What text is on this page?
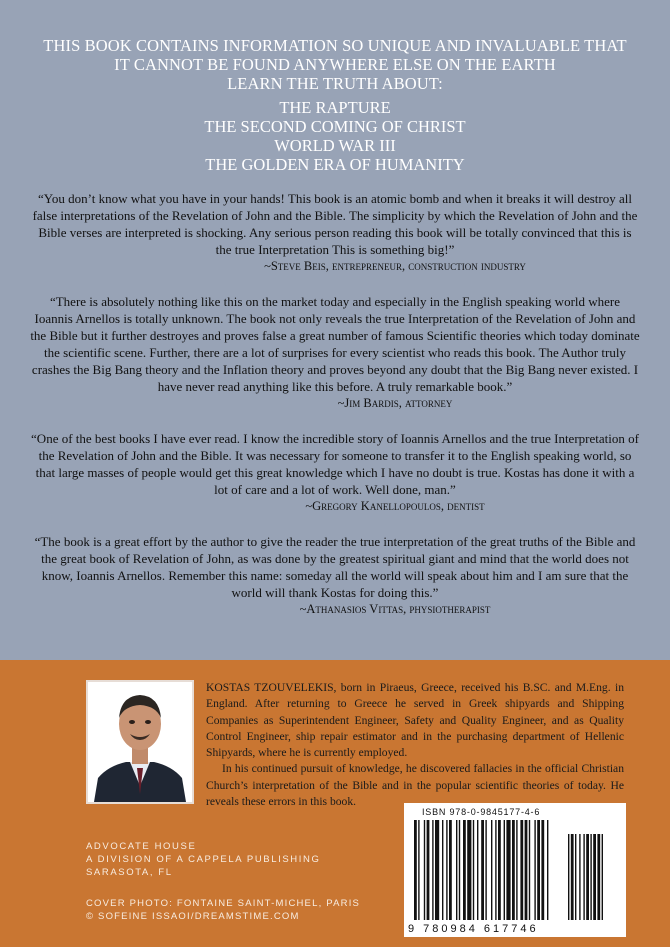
THIS BOOK CONTAINS INFORMATION SO UNIQUE AND INVALUABLE THAT
IT CANNOT BE FOUND ANYWHERE ELSE ON THE EARTH
LEARN THE TRUTH ABOUT:
THE RAPTURE
THE SECOND COMING OF CHRIST
WORLD WAR III
THE GOLDEN ERA OF HUMANITY

“You don’t know what you have in your hands! This book is an atomic bomb and when it breaks it will destroy all false interpretations of the Revelation of John and the Bible. The simplicity by which the Revelation of John and the Bible verses are interpreted is shocking. Any serious person reading this book will be totally convinced that this is the true Interpretation This is something big!”

~Steve Beis, entrepreneur, construction industry

“There is absolutely nothing like this on the market today and especially in the English speaking world where Ioannis Arnellos is totally unknown. The book not only reveals the true Interpretation of the Revelation of John and the Bible but it further destroyes and proves false a great number of famous Scientific theories which today dominate the scientific scene. Further, there are a lot of surprises for every scientist who reads this book. The Author truly crashes the Big Bang theory and the Inflation theory and proves beyond any doubt that the Big Bang never existed. I have never read anything like this before. A truly remarkable book.”

~Jim Bardis, attorney

“One of the best books I have ever read. I know the incredible story of Ioannis Arnellos and the true Interpretation of the Revelation of John and the Bible. It was necessary for someone to transfer it to the English speaking world, so that large masses of people would get this great knowledge which I have no doubt is true. Kostas has done it with a lot of care and a lot of work. Well done, man.”

~Gregory Kanellopoulos, dentist

“The book is a great effort by the author to give the reader the true interpretation of the great truths of the Bible and the great book of Revelation of John, as was done by the greatest spiritual giant and mind that the world does not know, Ioannis Arnellos. Remember this name: someday all the world will speak about him and I am sure that the world will thank Kostas for doing this.”

~Athanasios Vittas, physiotherapist

KOSTAS TZOUVELEKIS, born in Piraeus, Greece, received his B.SC. and M.Eng. in England. After returning to Greece he served in Greek shipyards and Shipping Companies as Superintendent Engineer, Safety and Quality Engineer, and as Quality Control Engineer, ship repair estimator and in the purchasing department of Hellenic Shipyards, where he is currently employed.

In his continued pursuit of knowledge, he discovered fallacies in the official Christian Church’s interpretation of the Bible and in the popular scientific theories of today. He reveals these errors in this book.

ADVOCATE HOUSE
A DIVISION OF A CAPPELA PUBLISHING
SARASOTA, FL
COVER PHOTO: FONTAINE SAINT-MICHEL, PARIS
© SOFEINE ISSAOI/DREAMSTIME.COM
ISBN 978-0-9845177-4-6
9 780984 617746
